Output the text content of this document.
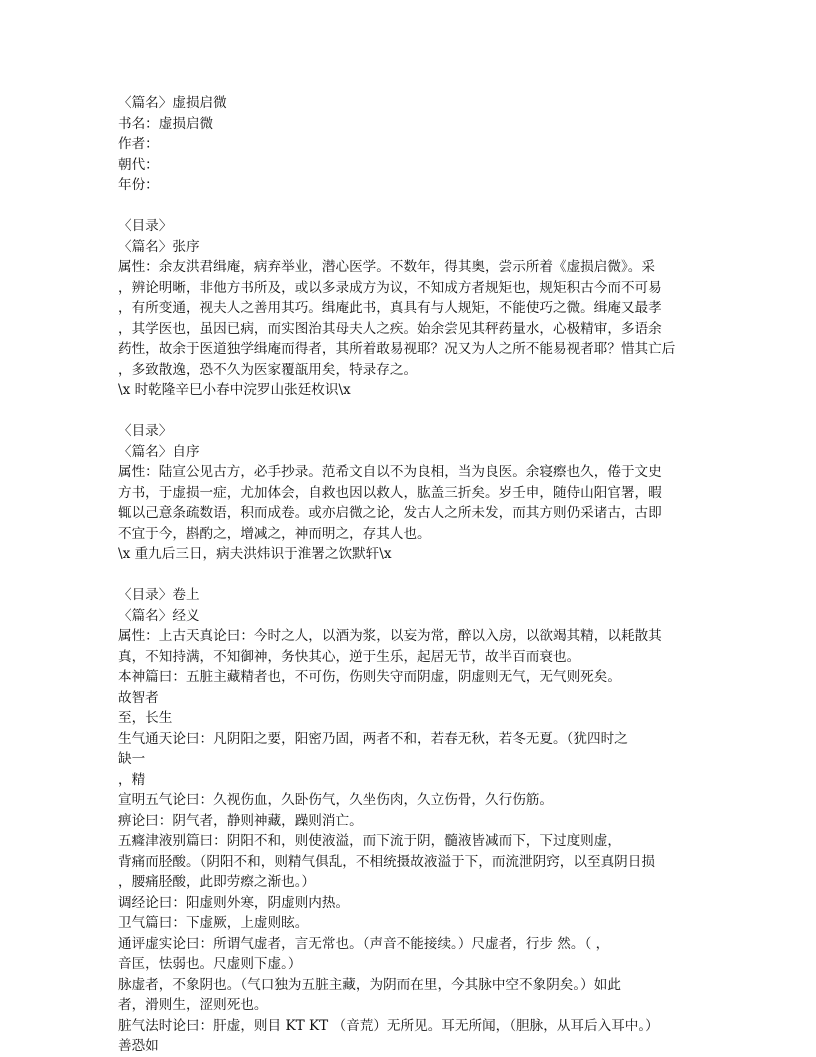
〈篇名〉虚损启微
书名：虚损启微
作者：
朝代：
年份：
〈目录〉
〈篇名〉张序
属性：余友洪君缉庵，病弃举业，潜心医学。不数年，得其奥，尝示所着《虚损启微》。采
，辨论明晰，非他方书所及，或以多录成方为议，不知成方者规矩也，规矩积古今而不可易
，有所变通，视夫人之善用其巧。缉庵此书，真具有与人规矩，不能使巧之微。缉庵又最孝
，其学医也，虽因已病，而实图治其母夫人之疾。始余尝见其秤药量水，心极精审，多语余
药性，故余于医道独学缉庵而得者，其所着敢易视耶？况又为人之所不能易视者耶？惜其亡后
，多致散逸，恐不久为医家覆瓿用矣，特录存之。
\x 时乾隆辛巳小春中浣罗山张廷枚识\x
〈目录〉
〈篇名〉自序
属性：陆宣公见古方，必手抄录。范希文自以不为良相，当为良医。余寝瘵也久，倦于文史
方书，于虚损一症，尤加体会，自救也因以救人，肱盖三折矣。岁壬申，随侍山阳官署，暇
辄以己意条疏数语，积而成卷。或亦启微之论，发古人之所未发，而其方则仍采诸古，古即
不宜于今，斟酌之，增减之，神而明之，存其人也。
\x 重九后三日，病夫洪炜识于淮署之饮默轩\x
〈目录〉卷上
〈篇名〉经义
属性：上古天真论曰：今时之人，以酒为浆，以妄为常，醉以入房，以欲竭其精，以耗散其
真，不知持满，不知御神，务快其心，逆于生乐，起居无节，故半百而衰也。
本神篇曰：五脏主藏精者也，不可伤，伤则失守而阴虚，阴虚则无气，无气则死矣。
故智者
至，长生
生气通天论曰：凡阴阳之要，阳密乃固，两者不和，若春无秋，若冬无夏。（犹四时之
缺一
，精
宣明五气论曰：久视伤血，久卧伤气，久坐伤肉，久立伤骨，久行伤筋。
痹论曰：阴气者，静则神藏，躁则消亡。
五癃津液别篇曰：阴阳不和，则使液溢，而下流于阴，髓液皆减而下，下过度则虚，
背痛而胫酸。（阴阳不和，则精气俱乱，不相统摄故液溢于下，而流泄阴窍，以至真阴日损
，腰痛胫酸，此即劳瘵之渐也。）
调经论曰：阳虚则外寒，阴虚则内热。
卫气篇曰：下虚厥，上虚则眩。
通评虚实论曰：所谓气虚者，言无常也。（声音不能接续。）尺虚者，行步 然。（ ，
音匡，怯弱也。尺虚则下虚。）
脉虚者，不象阴也。（气口独为五脏主藏，为阴而在里，今其脉中空不象阴矣。）如此
者，滑则生，涩则死也。
脏气法时论曰：肝虚，则目 KT KT （音荒）无所见。耳无所闻，（胆脉，从耳后入耳中。）
善恐如
